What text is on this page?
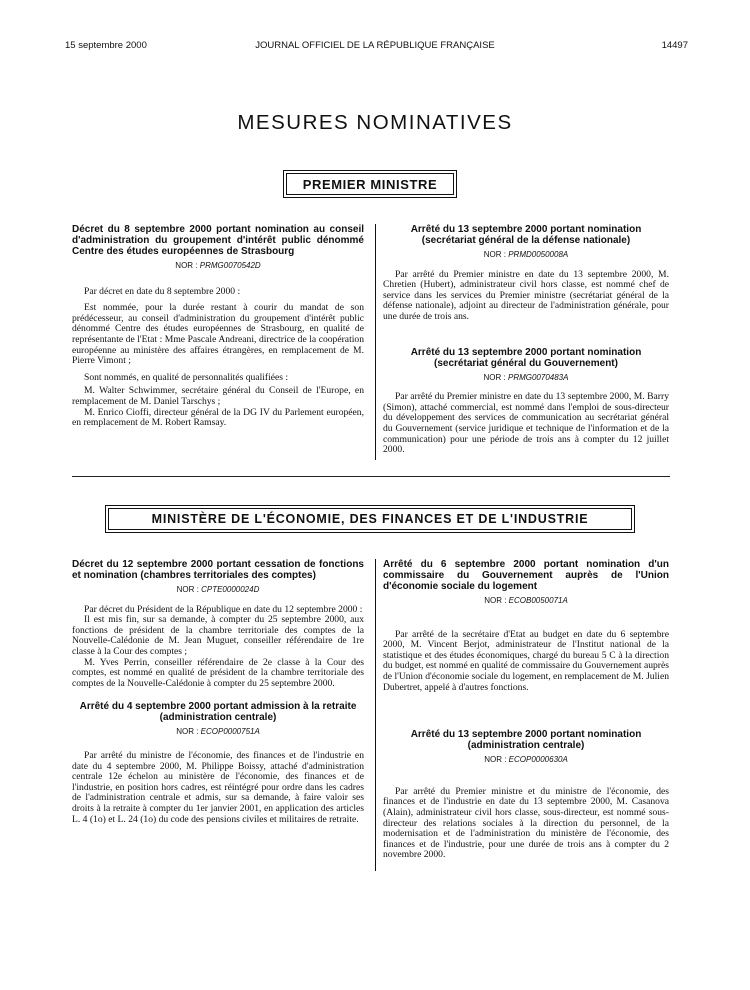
15 septembre 2000	JOURNAL OFFICIEL DE LA RÉPUBLIQUE FRANÇAISE	14497
MESURES NOMINATIVES
PREMIER MINISTRE
Décret du 8 septembre 2000 portant nomination au conseil d'administration du groupement d'intérêt public dénommé Centre des études européennes de Strasbourg
NOR : PRMG0070542D

Par décret en date du 8 septembre 2000 :

Est nommée, pour la durée restant à courir du mandat de son prédécesseur, au conseil d'administration du groupement d'intérêt public dénommé Centre des études européennes de Strasbourg, en qualité de représentante de l'Etat : Mme Pascale Andreani, directrice de la coopération européenne au ministère des affaires étrangères, en remplacement de M. Pierre Vimont ;

Sont nommés, en qualité de personnalités qualifiées :

M. Walter Schwimmer, secrétaire général du Conseil de l'Europe, en remplacement de M. Daniel Tarschys ;

M. Enrico Cioffi, directeur général de la DG IV du Parlement européen, en remplacement de M. Robert Ramsay.

Arrêté du 13 septembre 2000 portant nomination (secrétariat général de la défense nationale)
NOR : PRMD0050008A

Par arrêté du Premier ministre en date du 13 septembre 2000, M. Chretien (Hubert), administrateur civil hors classe, est nommé chef de service dans les services du Premier ministre (secrétariat général de la défense nationale), adjoint au directeur de l'administration générale, pour une durée de trois ans.

Arrêté du 13 septembre 2000 portant nomination (secrétariat général du Gouvernement)
NOR : PRMG0070483A

Par arrêté du Premier ministre en date du 13 septembre 2000, M. Barry (Simon), attaché commercial, est nommé dans l'emploi de sous-directeur du développement des services de communication au secrétariat général du Gouvernement (service juridique et technique de l'information et de la communication) pour une période de trois ans à compter du 12 juillet 2000.

MINISTÈRE DE L'ÉCONOMIE, DES FINANCES ET DE L'INDUSTRIE
Décret du 12 septembre 2000 portant cessation de fonctions et nomination (chambres territoriales des comptes)
NOR : CPTE0000024D

Par décret du Président de la République en date du 12 septembre 2000 :

Il est mis fin, sur sa demande, à compter du 25 septembre 2000, aux fonctions de président de la chambre territoriale des comptes de la Nouvelle-Calédonie de M. Jean Muguet, conseiller référendaire de 1re classe à la Cour des comptes ;

M. Yves Perrin, conseiller référendaire de 2e classe à la Cour des comptes, est nommé en qualité de président de la chambre territoriale des comptes de la Nouvelle-Calédonie à compter du 25 septembre 2000.

Arrêté du 4 septembre 2000 portant admission à la retraite (administration centrale)
NOR : ECOP0000751A

Par arrêté du ministre de l'économie, des finances et de l'industrie en date du 4 septembre 2000, M. Philippe Boissy, attaché d'administration centrale 12e échelon au ministère de l'économie, des finances et de l'industrie, en position hors cadres, est réintégré pour ordre dans les cadres de l'administration centrale et admis, sur sa demande, à faire valoir ses droits à la retraite à compter du 1er janvier 2001, en application des articles L. 4 (1o) et L. 24 (1o) du code des pensions civiles et militaires de retraite.

Arrêté du 6 septembre 2000 portant nomination d'un commissaire du Gouvernement auprès de l'Union d'économie sociale du logement
NOR : ECOB0050071A

Par arrêté de la secrétaire d'Etat au budget en date du 6 septembre 2000, M. Vincent Berjot, administrateur de l'Institut national de la statistique et des études économiques, chargé du bureau 5 C à la direction du budget, est nommé en qualité de commissaire du Gouvernement auprès de l'Union d'économie sociale du logement, en remplacement de M. Julien Dubertret, appelé à d'autres fonctions.

Arrêté du 13 septembre 2000 portant nomination (administration centrale)
NOR : ECOP0000630A

Par arrêté du Premier ministre et du ministre de l'économie, des finances et de l'industrie en date du 13 septembre 2000, M. Casanova (Alain), administrateur civil hors classe, sous-directeur, est nommé sous-directeur des relations sociales à la direction du personnel, de la modernisation et de l'administration du ministère de l'économie, des finances et de l'industrie, pour une durée de trois ans à compter du 2 novembre 2000.
